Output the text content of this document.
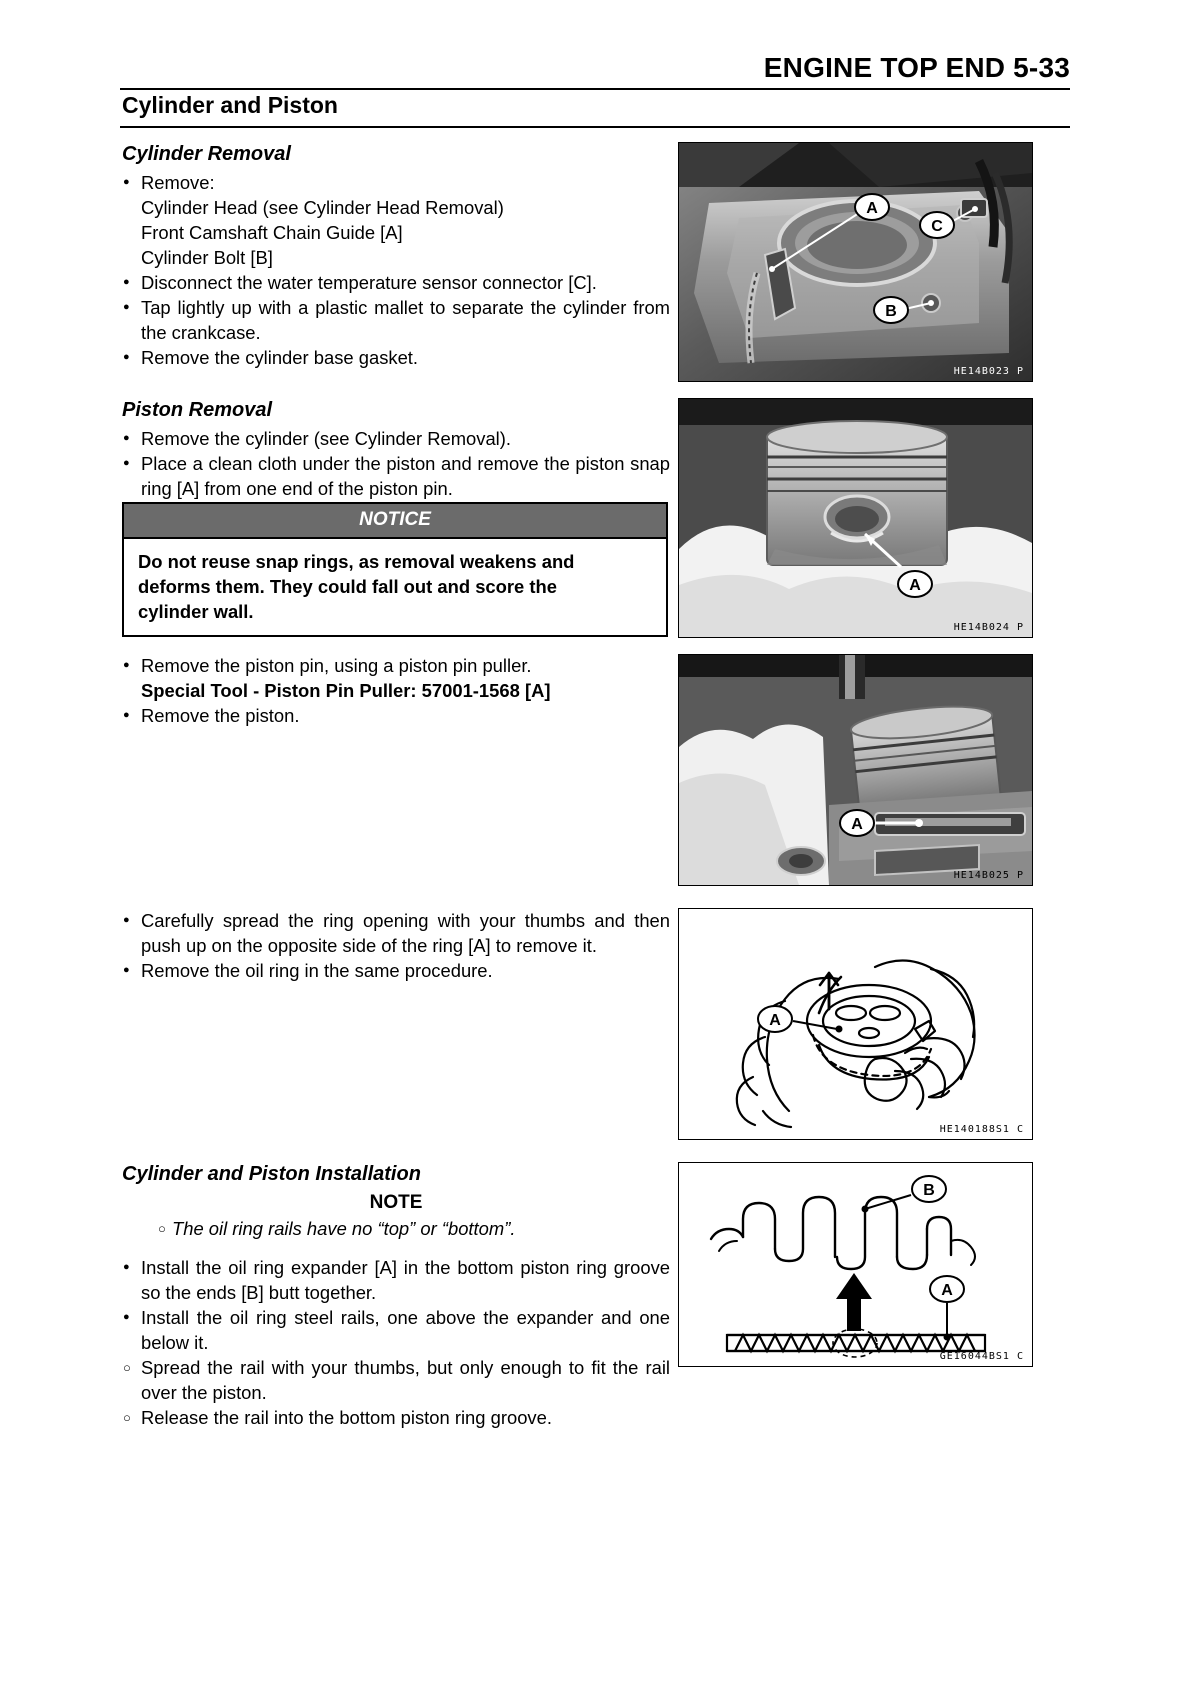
ENGINE TOP END 5-33
Cylinder and Piston
Cylinder Removal
● Remove:
Cylinder Head (see Cylinder Head Removal)
Front Camshaft Chain Guide [A]
Cylinder Bolt [B]
● Disconnect the water temperature sensor connector [C].
● Tap lightly up with a plastic mallet to separate the cylinder from the crankcase.
● Remove the cylinder base gasket.
Piston Removal
● Remove the cylinder (see Cylinder Removal).
● Place a clean cloth under the piston and remove the piston snap ring [A] from one end of the piston pin.
NOTICE
Do not reuse snap rings, as removal weakens and
deforms them. They could fall out and score the
cylinder wall.
● Remove the piston pin, using a piston pin puller.
Special Tool - Piston Pin Puller: 57001-1568 [A]
● Remove the piston.
● Carefully spread the ring opening with your thumbs and then push up on the opposite side of the ring [A] to remove it.
● Remove the oil ring in the same procedure.
Cylinder and Piston Installation
NOTE
○ The oil ring rails have no “top” or “bottom”.
● Install the oil ring expander [A] in the bottom piston ring groove so the ends [B] butt together.
● Install the oil ring steel rails, one above the expander and one below it.
○ Spread the rail with your thumbs, but only enough to fit the rail over the piston.
○ Release the rail into the bottom piston ring groove.
A
C
B
HE14B023 P
A
HE14B024 P
A
HE14B025 P
A
HE140188S1 C
B
A
GE16044BS1 C
